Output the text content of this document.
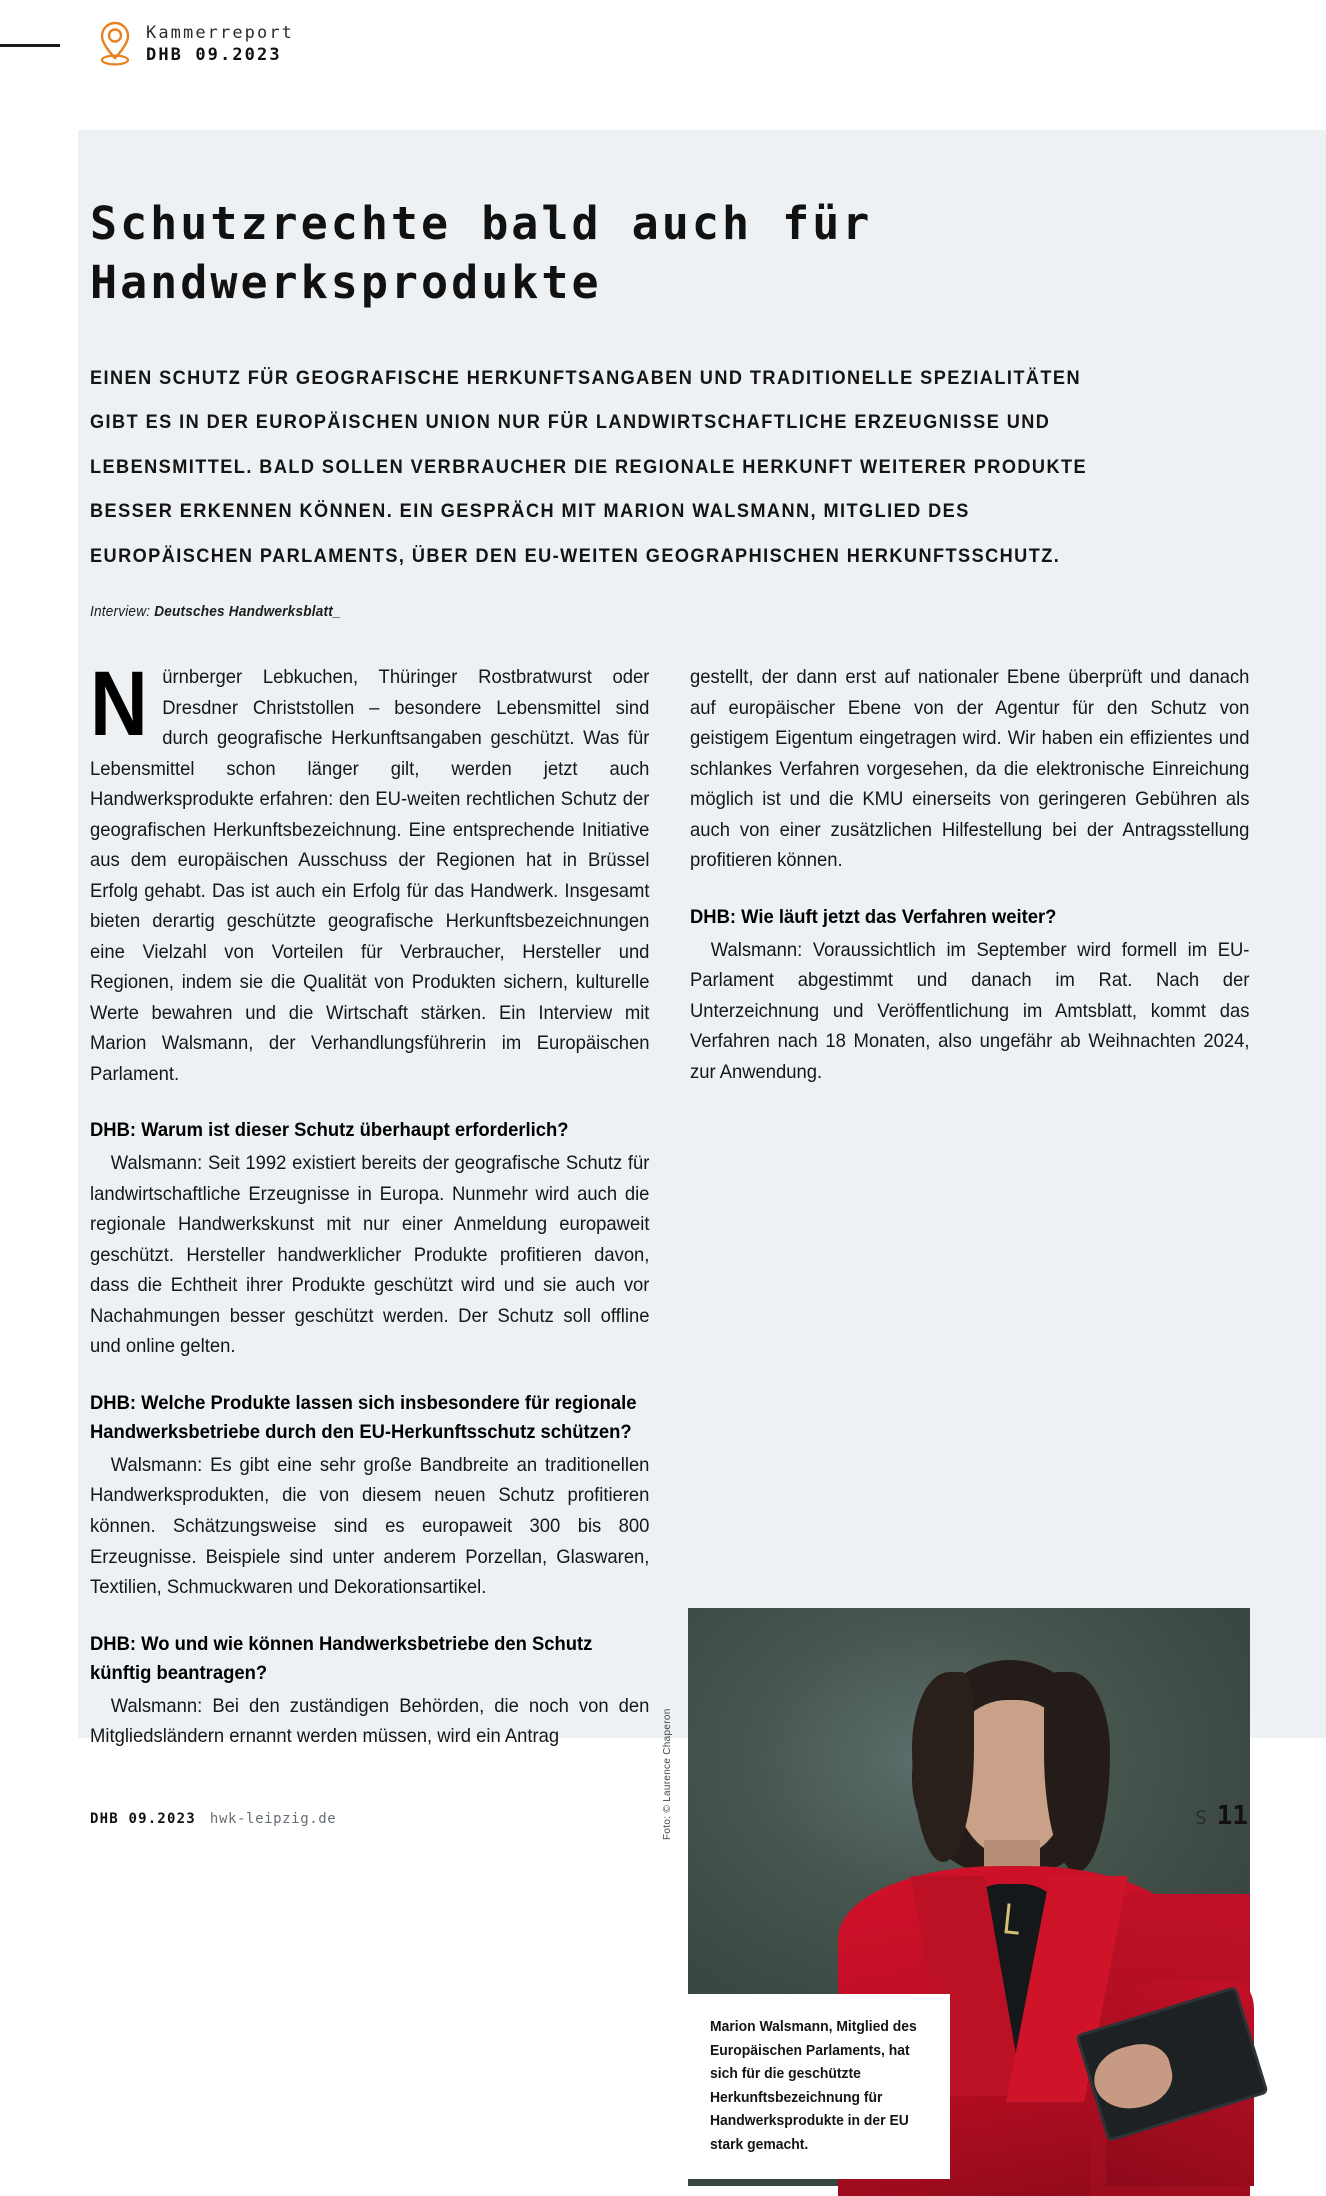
Kammerreport
DHB 09.2023
Schutzrechte bald auch für
Handwerksprodukte

EINEN SCHUTZ FÜR GEOGRAFISCHE HERKUNFTSANGABEN UND TRADITIONELLE SPEZIALITÄTEN GIBT ES IN DER EUROPÄISCHEN UNION NUR FÜR LANDWIRTSCHAFTLICHE ERZEUGNISSE UND LEBENSMITTEL. BALD SOLLEN VERBRAUCHER DIE REGIONALE HERKUNFT WEITERER PRODUKTE BESSER ERKENNEN KÖNNEN. EIN GESPRÄCH MIT MARION WALSMANN, MITGLIED DES EUROPÄISCHEN PARLAMENTS, ÜBER DEN EU-WEITEN GEOGRAPHISCHEN HERKUNFTSSCHUTZ.

Interview: Deutsches Handwerksblatt_

Nürnberger Lebkuchen, Thüringer Rostbratwurst oder Dresdner Christstollen – besondere Lebensmittel sind durch geografische Herkunftsangaben geschützt. Was für Lebensmittel schon länger gilt, werden jetzt auch Handwerksprodukte erfahren: den EU-weiten rechtlichen Schutz der geografischen Herkunftsbezeichnung. Eine entsprechende Initiative aus dem europäischen Ausschuss der Regionen hat in Brüssel Erfolg gehabt. Das ist auch ein Erfolg für das Handwerk. Insgesamt bieten derartig geschützte geografische Herkunftsbezeichnungen eine Vielzahl von Vorteilen für Verbraucher, Hersteller und Regionen, indem sie die Qualität von Produkten sichern, kulturelle Werte bewahren und die Wirtschaft stärken. Ein Interview mit Marion Walsmann, der Verhandlungsführerin im Europäischen Parlament.

DHB: Warum ist dieser Schutz überhaupt erforderlich?

Walsmann: Seit 1992 existiert bereits der geografische Schutz für landwirtschaftliche Erzeugnisse in Europa. Nunmehr wird auch die regionale Handwerkskunst mit nur einer Anmeldung europaweit geschützt. Hersteller handwerklicher Produkte profitieren davon, dass die Echtheit ihrer Produkte geschützt wird und sie auch vor Nachahmungen besser geschützt werden. Der Schutz soll offline und online gelten.

DHB: Welche Produkte lassen sich insbesondere für regionale Handwerksbetriebe durch den EU-Herkunftsschutz schützen?

Walsmann: Es gibt eine sehr große Bandbreite an traditionellen Handwerksprodukten, die von diesem neuen Schutz profitieren können. Schätzungsweise sind es europaweit 300 bis 800 Erzeugnisse. Beispiele sind unter anderem Porzellan, Glaswaren, Textilien, Schmuckwaren und Dekorationsartikel.

DHB: Wo und wie können Handwerksbetriebe den Schutz künftig beantragen?

Walsmann: Bei den zuständigen Behörden, die noch von den Mitgliedsländern ernannt werden müssen, wird ein Antrag

gestellt, der dann erst auf nationaler Ebene überprüft und danach auf europäischer Ebene von der Agentur für den Schutz von geistigem Eigentum eingetragen wird. Wir haben ein effizientes und schlankes Verfahren vorgesehen, da die elektronische Einreichung möglich ist und die KMU einerseits von geringeren Gebühren als auch von einer zusätzlichen Hilfestellung bei der Antragsstellung profitieren können.

DHB: Wie läuft jetzt das Verfahren weiter?

Walsmann: Voraussichtlich im September wird formell im EU-Parlament abgestimmt und danach im Rat. Nach der Unterzeichnung und Veröffentlichung im Amtsblatt, kommt das Verfahren nach 18 Monaten, also ungefähr ab Weihnachten 2024, zur Anwendung.

Foto: © Laurence Chaperon

Marion Walsmann, Mitglied des Europäischen Parlaments, hat sich für die geschützte Herkunftsbezeichnung für Handwerksprodukte in der EU stark gemacht.

DHB 09.2023 hwk-leipzig.de	S 11
